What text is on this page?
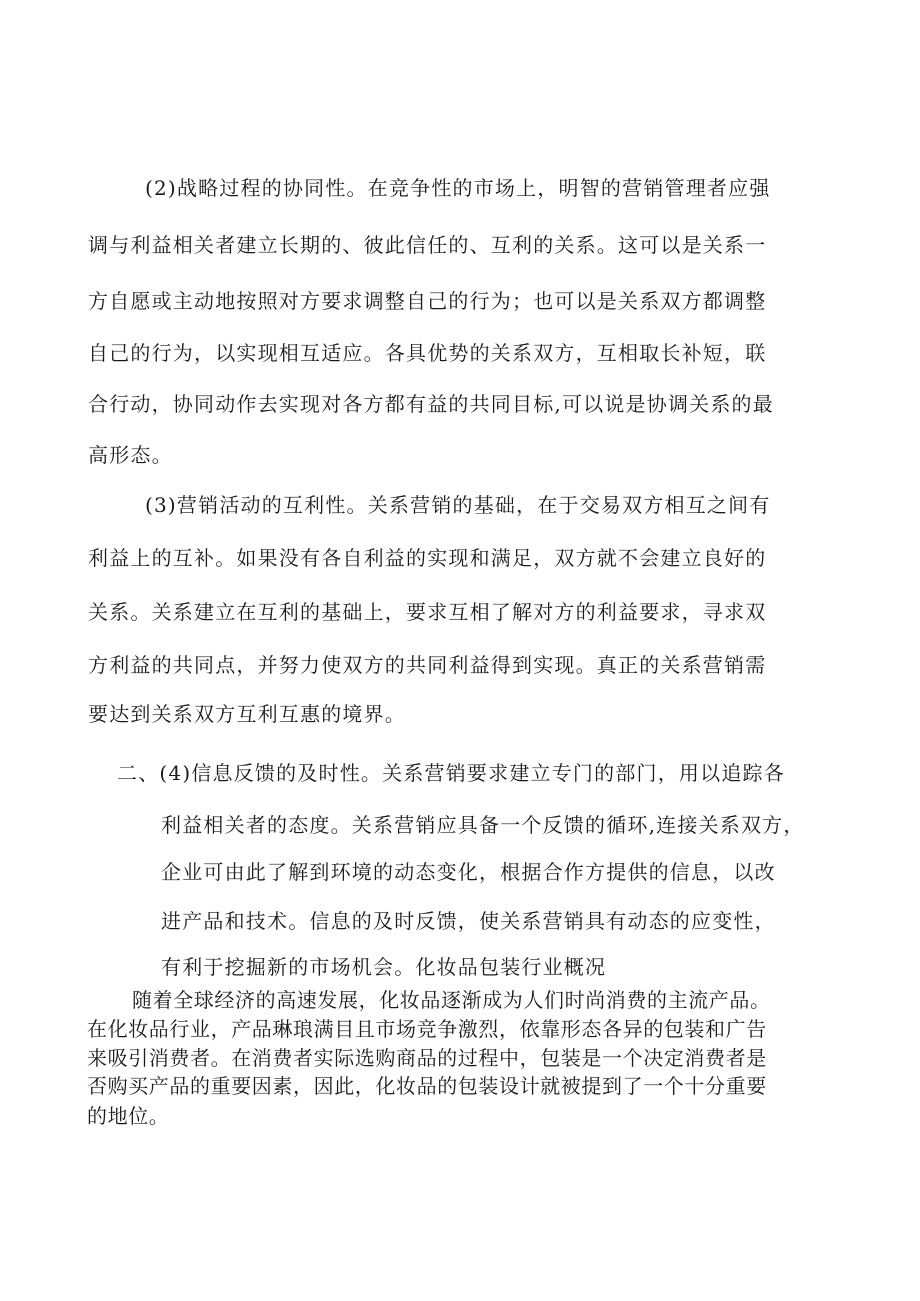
(2)战略过程的协同性。在竞争性的市场上，明智的营销管理者应强
调与利益相关者建立长期的、彼此信任的、互利的关系。这可以是关系一
方自愿或主动地按照对方要求调整自己的行为；也可以是关系双方都调整
自己的行为，以实现相互适应。各具优势的关系双方，互相取长补短，联
合行动，协同动作去实现对各方都有益的共同目标,可以说是协调关系的最
高形态。
(3)营销活动的互利性。关系营销的基础，在于交易双方相互之间有
利益上的互补。如果没有各自利益的实现和满足，双方就不会建立良好的
关系。关系建立在互利的基础上，要求互相了解对方的利益要求，寻求双
方利益的共同点，并努力使双方的共同利益得到实现。真正的关系营销需
要达到关系双方互利互惠的境界。
二、(4)信息反馈的及时性。关系营销要求建立专门的部门，用以追踪各
利益相关者的态度。关系营销应具备一个反馈的循环,连接关系双方，
企业可由此了解到环境的动态变化，根据合作方提供的信息，以改
进产品和技术。信息的及时反馈，使关系营销具有动态的应变性，
有利于挖掘新的市场机会。化妆品包装行业概况
随着全球经济的高速发展，化妆品逐渐成为人们时尚消费的主流产品。
在化妆品行业，产品琳琅满目且市场竞争激烈，依靠形态各异的包装和广告
来吸引消费者。在消费者实际选购商品的过程中，包装是一个决定消费者是
否购买产品的重要因素，因此，化妆品的包装设计就被提到了一个十分重要
的地位。
